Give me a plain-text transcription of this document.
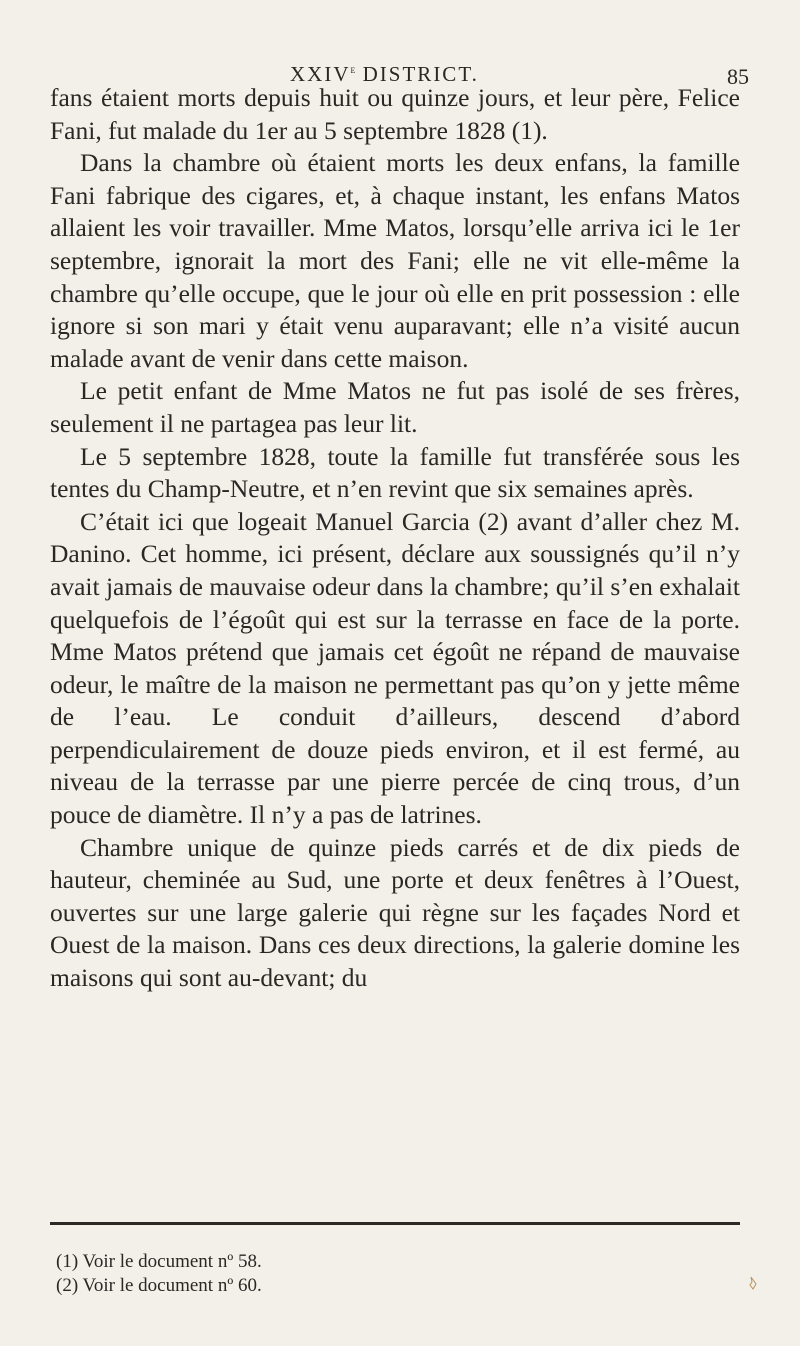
XXIVe DISTRICT.	85

fans étaient morts depuis huit ou quinze jours, et leur père, Felice Fani, fut malade du 1er au 5 septembre 1828 (1).

Dans la chambre où étaient morts les deux enfans, la famille Fani fabrique des cigares, et, à chaque instant, les enfans Matos allaient les voir travailler. Mme Matos, lorsqu’elle arriva ici le 1er septembre, ignorait la mort des Fani; elle ne vit elle-même la chambre qu’elle occupe, que le jour où elle en prit possession : elle ignore si son mari y était venu auparavant; elle n’a visité aucun malade avant de venir dans cette maison.

Le petit enfant de Mme Matos ne fut pas isolé de ses frères, seulement il ne partagea pas leur lit.

Le 5 septembre 1828, toute la famille fut transférée sous les tentes du Champ-Neutre, et n’en revint que six semaines après.

C’était ici que logeait Manuel Garcia (2) avant d’aller chez M. Danino. Cet homme, ici présent, déclare aux soussignés qu’il n’y avait jamais de mauvaise odeur dans la chambre; qu’il s’en exhalait quelquefois de l’égoût qui est sur la terrasse en face de la porte. Mme Matos prétend que jamais cet égoût ne répand de mauvaise odeur, le maître de la maison ne permettant pas qu’on y jette même de l’eau. Le conduit d’ailleurs, descend d’abord perpendiculairement de douze pieds environ, et il est fermé, au niveau de la terrasse par une pierre percée de cinq trous, d’un pouce de diamètre. Il n’y a pas de latrines.

Chambre unique de quinze pieds carrés et de dix pieds de hauteur, cheminée au Sud, une porte et deux fenêtres à l’Ouest, ouvertes sur une large galerie qui règne sur les façades Nord et Ouest de la maison. Dans ces deux directions, la galerie domine les maisons qui sont au-devant; du

(1) Voir le document nº 58.
(2) Voir le document nº 60.
